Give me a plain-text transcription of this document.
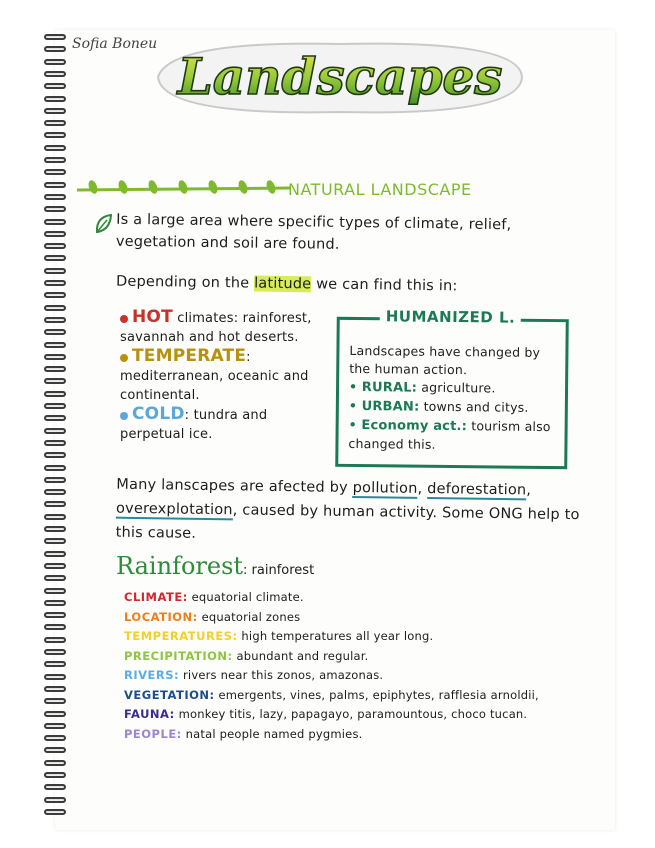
Sofia Boneu
Landscapes
NATURAL LANDSCAPE
Is a large area where specific types of climate, relief, vegetation and soil are found.
Depending on the latitude we can find this in:
HOT climates: rainforest, savannah and hot deserts.
TEMPERATE: mediterranean, oceanic and continental.
COLD: tundra and perpetual ice.
HUMANIZED L.
Landscapes have changed by the human action.
• RURAL: agriculture.
• URBAN: towns and citys.
• Economy act.: tourism also changed this.
Many lanscapes are afected by pollution, deforestation, overexplotation, caused by human activity. Some ONG help to this cause.
Rainforest: rainforest
CLIMATE: equatorial climate.
LOCATION: equatorial zones
TEMPERATURES: high temperatures all year long.
PRECIPITATION: abundant and regular.
RIVERS: rivers near this zonos, amazonas.
VEGETATION: emergents, vines, palms, epiphytes, rafflesia arnoldii,
FAUNA: monkey titis, lazy, papagayo, paramountous, choco tucan.
PEOPLE: natal people named pygmies.
